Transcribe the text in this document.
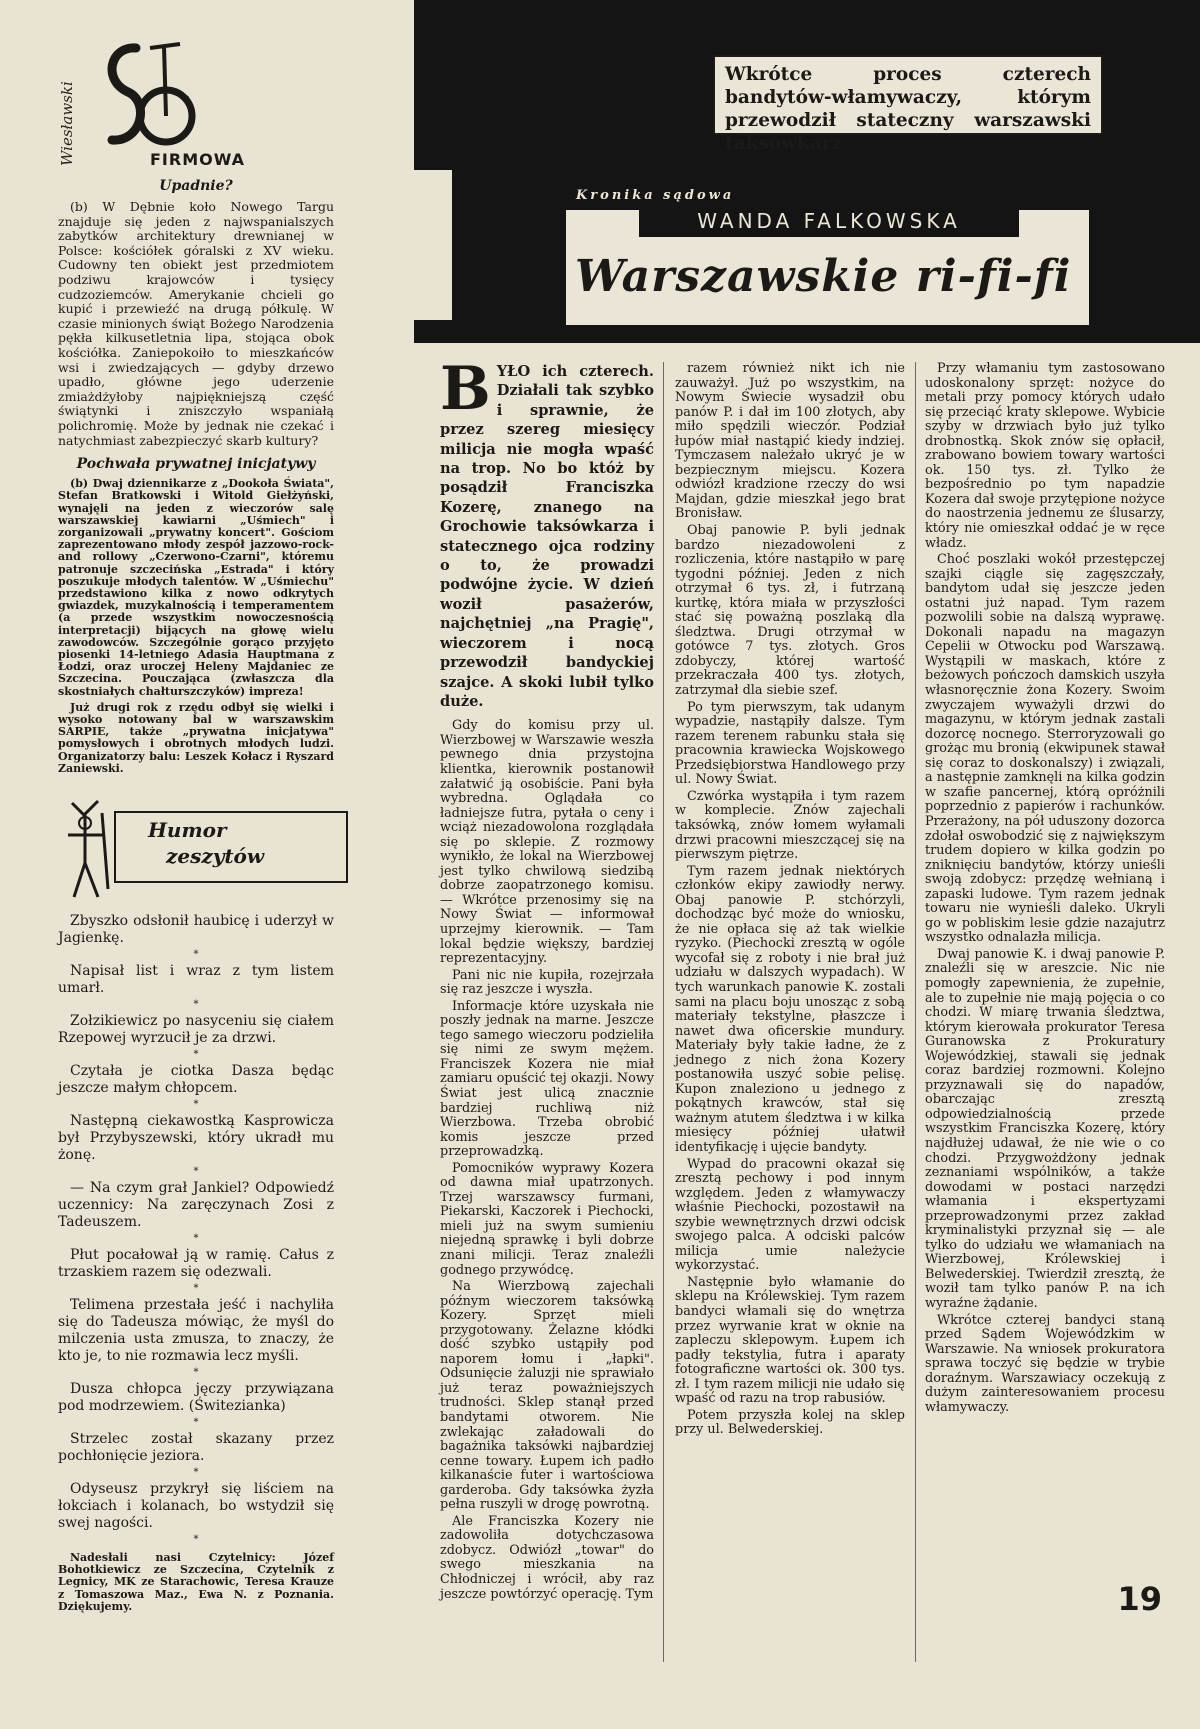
Wiesławski	FIRMOWA
Upadnie?

(b) W Dębnie koło Nowego Targu znajduje się jeden z najwspanialszych zabytków architektury drewnianej w Polsce: kościółek góralski z XV wieku. Cudowny ten obiekt jest przedmiotem podziwu krajowców i tysięcy cudzoziemców. Amerykanie chcieli go kupić i przewieźć na drugą półkulę. W czasie minionych świąt Bożego Narodzenia pękła kilkusetletnia lipa, stojąca obok kościółka. Zaniepokoiło to mieszkańców wsi i zwiedzających — gdyby drzewo upadło, główne jego uderzenie zmiażdżyłoby najpiękniejszą część świątynki i zniszczyło wspaniałą polichromię. Może by jednak nie czekać i natychmiast zabezpieczyć skarb kultury?

Pochwała prywatnej inicjatywy

(b) Dwaj dziennikarze z „Dookoła Świata", Stefan Bratkowski i Witold Giełżyński, wynajęli na jeden z wieczorów salę warszawskiej kawiarni „Uśmiech" i zorganizowali „prywatny koncert". Gościom zaprezentowano młody zespół jazzowo-rock-and rollowy „Czerwono-Czarni", któremu patronuje szczecińska „Estrada" i który poszukuje młodych talentów. W „Uśmiechu" przedstawiono kilka z nowo odkrytych gwiazdek, muzykalnością i temperamentem (a przede wszystkim nowoczesnością interpretacji) bijących na głowę wielu zawodowców. Szczególnie gorąco przyjęto piosenki 14-letniego Adasia Hauptmana z Łodzi, oraz uroczej Heleny Majdaniec ze Szczecina. Pouczająca (zwłaszcza dla skostniałych chałturszczyków) impreza!

Już drugi rok z rzędu odbył się wielki i wysoko notowany bal w warszawskim SARPIE, także „prywatna inicjatywa" pomysłowych i obrotnych młodych ludzi. Organizatorzy balu: Leszek Kołacz i Ryszard Zaniewski.

Humor
zeszytów

Zbyszko odsłonił haubicę i uderzył w Jagienkę.

*

Napisał list i wraz z tym listem umarł.

*

Zołzikiewicz po nasyceniu się ciałem Rzepowej wyrzucił je za drzwi.

*

Czytała je ciotka Dasza będąc jeszcze małym chłopcem.

*

Następną ciekawostką Kasprowicza był Przybyszewski, który ukradł mu żonę.

*

— Na czym grał Jankiel? Odpowiedź uczennicy: Na zaręczynach Zosi z Tadeuszem.

*

Płut pocałował ją w ramię. Całus z trzaskiem razem się odezwali.

*

Telimena przestała jeść i nachyliła się do Tadeusza mówiąc, że myśl do milczenia usta zmusza, to znaczy, że kto je, to nie rozmawia lecz myśli.

*

Dusza chłopca jęczy przywiązana pod modrzewiem. (Świtezianka)

*

Strzelec został skazany przez pochłonięcie jeziora.

*

Odyseusz przykrył się liściem na łokciach i kolanach, bo wstydził się swej nagości.

*

Nadesłali nasi Czytelnicy: Józef Bohotkiewicz ze Szczecina, Czytelnik z Legnicy, MK ze Starachowic, Teresa Krauze z Tomaszowa Maz., Ewa N. z Poznania. Dziękujemy.

Wkrótce proces czterech bandytów-włamywaczy, którym przewodził stateczny warszawski taksówkarz
Kronika sądowa
WANDA FALKOWSKA
Warszawskie ri-fi-fi

BYŁO ich czterech. Działali tak szybko i sprawnie, że przez szereg miesięcy milicja nie mogła wpaść na trop. No bo któż by posądził Franciszka Kozerę, znanego na Grochowie taksówkarza i statecznego ojca rodziny o to, że prowadzi podwójne życie. W dzień woził pasażerów, najchętniej „na Pragię", wieczorem i nocą przewodził bandyckiej szajce. A skoki lubił tylko duże.

Gdy do komisu przy ul. Wierzbowej w Warszawie weszła pewnego dnia przystojna klientka, kierownik postanowił załatwić ją osobiście. Pani była wybredna. Oglądała co ładniejsze futra, pytała o ceny i wciąż niezadowolona rozglądała się po sklepie. Z rozmowy wynikło, że lokal na Wierzbowej jest tylko chwilową siedzibą dobrze zaopatrzonego komisu. — Wkrótce przenosimy się na Nowy Świat — informował uprzejmy kierownik. — Tam lokal będzie większy, bardziej reprezentacyjny.

Pani nic nie kupiła, rozejrzała się raz jeszcze i wyszła.

Informacje które uzyskała nie poszły jednak na marne. Jeszcze tego samego wieczoru podzieliła się nimi ze swym mężem. Franciszek Kozera nie miał zamiaru opuścić tej okazji. Nowy Świat jest ulicą znacznie bardziej ruchliwą niż Wierzbowa. Trzeba obrobić komis jeszcze przed przeprowadzką.

Pomocników wyprawy Kozera od dawna miał upatrzonych. Trzej warszawscy furmani, Piekarski, Kaczorek i Piechocki, mieli już na swym sumieniu niejedną sprawkę i byli dobrze znani milicji. Teraz znaleźli godnego przywódcę.

Na Wierzbową zajechali późnym wieczorem taksówką Kozery. Sprzęt mieli przygotowany. Żelazne kłódki dość szybko ustąpiły pod naporem łomu i „łapki". Odsunięcie żaluzji nie sprawiało już teraz poważniejszych trudności. Sklep stanął przed bandytami otworem. Nie zwlekając załadowali do bagażnika taksówki najbardziej cenne towary. Łupem ich padło kilkanaście futer i wartościowa garderoba. Gdy taksówka żyzła pełna ruszyli w drogę powrotną.

Ale Franciszka Kozery nie zadowoliła dotychczasowa zdobycz. Odwiózł „towar" do swego mieszkania na Chłodniczej i wrócił, aby raz jeszcze powtórzyć operację. Tym

razem również nikt ich nie zauważył. Już po wszystkim, na Nowym Świecie wysadził obu panów P. i dał im 100 złotych, aby miło spędzili wieczór. Podział łupów miał nastąpić kiedy indziej. Tymczasem należało ukryć je w bezpiecznym miejscu. Kozera odwiózł kradzione rzeczy do wsi Majdan, gdzie mieszkał jego brat Bronisław.

Obaj panowie P. byli jednak bardzo niezadowoleni z rozliczenia, które nastąpiło w parę tygodni później. Jeden z nich otrzymał 6 tys. zł, i futrzaną kurtkę, która miała w przyszłości stać się poważną poszlaką dla śledztwa. Drugi otrzymał w gotówce 7 tys. złotych. Gros zdobyczy, której wartość przekraczała 400 tys. złotych, zatrzymał dla siebie szef.

Po tym pierwszym, tak udanym wypadzie, nastąpiły dalsze. Tym razem terenem rabunku stała się pracownia krawiecka Wojskowego Przedsiębiorstwa Handlowego przy ul. Nowy Świat.

Czwórka wystąpiła i tym razem w komplecie. Znów zajechali taksówką, znów łomem wyłamali drzwi pracowni mieszczącej się na pierwszym piętrze.

Tym razem jednak niektórych członków ekipy zawiodły nerwy. Obaj panowie P. stchórzyli, dochodząc być może do wniosku, że nie opłaca się aż tak wielkie ryzyko. (Piechocki zresztą w ogóle wycofał się z roboty i nie brał już udziału w dalszych wypadach). W tych warunkach panowie K. zostali sami na placu boju unosząc z sobą materiały tekstylne, płaszcze i nawet dwa oficerskie mundury. Materiały były takie ładne, że z jednego z nich żona Kozery postanowiła uszyć sobie pelisę. Kupon znaleziono u jednego z pokątnych krawców, stał się ważnym atutem śledztwa i w kilka miesięcy później ułatwił identyfikację i ujęcie bandyty.

Wypad do pracowni okazał się zresztą pechowy i pod innym względem. Jeden z włamywaczy właśnie Piechocki, pozostawił na szybie wewnętrznych drzwi odcisk swojego palca. A odciski palców milicja umie należycie wykorzystać.

Następnie było włamanie do sklepu na Królewskiej. Tym razem bandyci włamali się do wnętrza przez wyrwanie krat w oknie na zapleczu sklepowym. Łupem ich padły tekstylia, futra i aparaty fotograficzne wartości ok. 300 tys. zł. I tym razem milicji nie udało się wpaść od razu na trop rabusiów.

Potem przyszła kolej na sklep przy ul. Belwederskiej.

Przy włamaniu tym zastosowano udoskonalony sprzęt: nożyce do metali przy pomocy których udało się przeciąć kraty sklepowe. Wybicie szyby w drzwiach było już tylko drobnostką. Skok znów się opłacił, zrabowano bowiem towary wartości ok. 150 tys. zł. Tylko że bezpośrednio po tym napadzie Kozera dał swoje przytępione nożyce do naostrzenia jednemu ze ślusarzy, który nie omieszkał oddać je w ręce władz.

Choć poszlaki wokół przestępczej szajki ciągle się zagęszczały, bandytom udał się jeszcze jeden ostatni już napad. Tym razem pozwolili sobie na dalszą wyprawę. Dokonali napadu na magazyn Cepelii w Otwocku pod Warszawą. Wystąpili w maskach, które z beżowych pończoch damskich uszyła własnoręcznie żona Kozery. Swoim zwyczajem wyważyli drzwi do magazynu, w którym jednak zastali dozorcę nocnego. Sterroryzowali go grożąc mu bronią (ekwipunek stawał się coraz to doskonalszy) i związali, a następnie zamknęli na kilka godzin w szafie pancernej, którą opróżnili poprzednio z papierów i rachunków. Przerażony, na pół uduszony dozorca zdołał oswobodzić się z największym trudem dopiero w kilka godzin po zniknięciu bandytów, którzy unieśli swoją zdobycz: przędzę wełnianą i zapaski ludowe. Tym razem jednak towaru nie wynieśli daleko. Ukryli go w pobliskim lesie gdzie nazajutrz wszystko odnalazła milicja.

Dwaj panowie K. i dwaj panowie P. znaleźli się w areszcie. Nic nie pomogły zapewnienia, że zupełnie, ale to zupełnie nie mają pojęcia o co chodzi. W miarę trwania śledztwa, którym kierowała prokurator Teresa Guranowska z Prokuratury Wojewódzkiej, stawali się jednak coraz bardziej rozmowni. Kolejno przyznawali się do napadów, obarczając zresztą odpowiedzialnością przede wszystkim Franciszka Kozerę, który najdłużej udawał, że nie wie o co chodzi. Przygwożdżony jednak zeznaniami wspólników, a także dowodami w postaci narzędzi włamania i ekspertyzami przeprowadzonymi przez zakład kryminalistyki przyznał się — ale tylko do udziału we włamaniach na Wierzbowej, Królewskiej i Belwederskiej. Twierdził zresztą, że woził tam tylko panów P. na ich wyraźne żądanie.

Wkrótce czterej bandyci staną przed Sądem Wojewódzkim w Warszawie. Na wniosek prokuratora sprawa toczyć się będzie w trybie doraźnym. Warszawiacy oczekują z dużym zainteresowaniem procesu włamywaczy.

19
